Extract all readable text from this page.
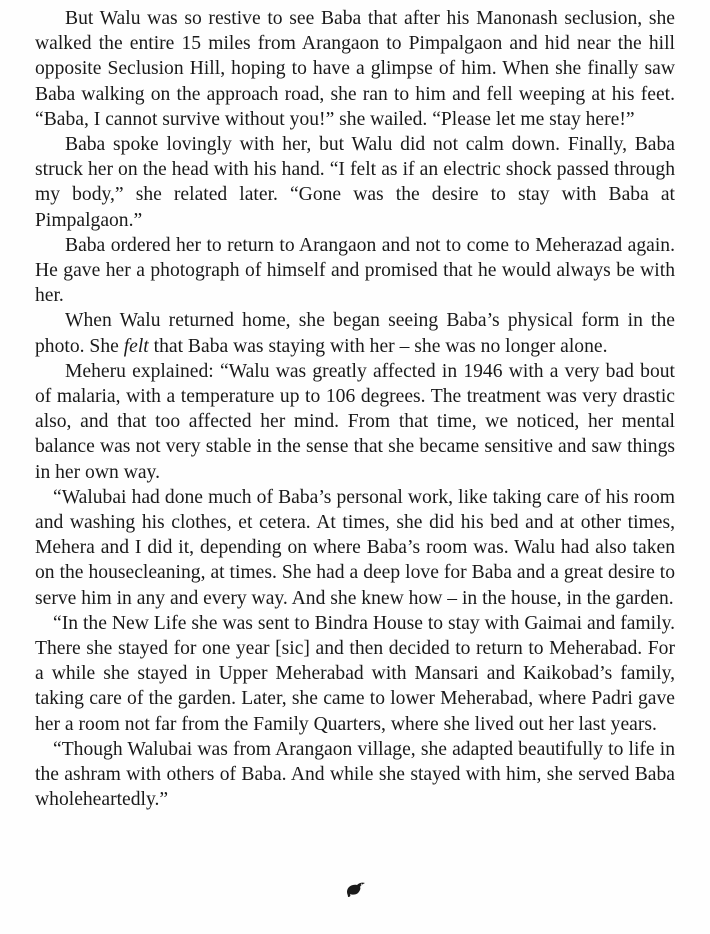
But Walu was so restive to see Baba that after his Manonash seclusion, she walked the entire 15 miles from Arangaon to Pimpalgaon and hid near the hill opposite Seclusion Hill, hoping to have a glimpse of him. When she finally saw Baba walking on the approach road, she ran to him and fell weeping at his feet. “Baba, I cannot survive without you!” she wailed. “Please let me stay here!”

Baba spoke lovingly with her, but Walu did not calm down. Finally, Baba struck her on the head with his hand. “I felt as if an electric shock passed through my body,” she related later. “Gone was the desire to stay with Baba at Pimpalgaon.”

Baba ordered her to return to Arangaon and not to come to Meherazad again. He gave her a photograph of himself and promised that he would always be with her.

When Walu returned home, she began seeing Baba’s physical form in the photo. She felt that Baba was staying with her – she was no longer alone.

Meheru explained: “Walu was greatly affected in 1946 with a very bad bout of malaria, with a temperature up to 106 degrees. The treatment was very drastic also, and that too affected her mind. From that time, we noticed, her mental balance was not very stable in the sense that she became sensitive and saw things in her own way.

“Walubai had done much of Baba’s personal work, like taking care of his room and washing his clothes, et cetera. At times, she did his bed and at other times, Mehera and I did it, depending on where Baba’s room was. Walu had also taken on the housecleaning, at times. She had a deep love for Baba and a great desire to serve him in any and every way. And she knew how – in the house, in the garden.

“In the New Life she was sent to Bindra House to stay with Gaimai and family. There she stayed for one year [sic] and then decided to return to Meherabad. For a while she stayed in Upper Meherabad with Mansari and Kaikobad’s family, taking care of the garden. Later, she came to lower Meherabad, where Padri gave her a room not far from the Family Quarters, where she lived out her last years.

“Though Walubai was from Arangaon village, she adapted beautifully to life in the ashram with others of Baba. And while she stayed with him, she served Baba wholeheartedly.”
